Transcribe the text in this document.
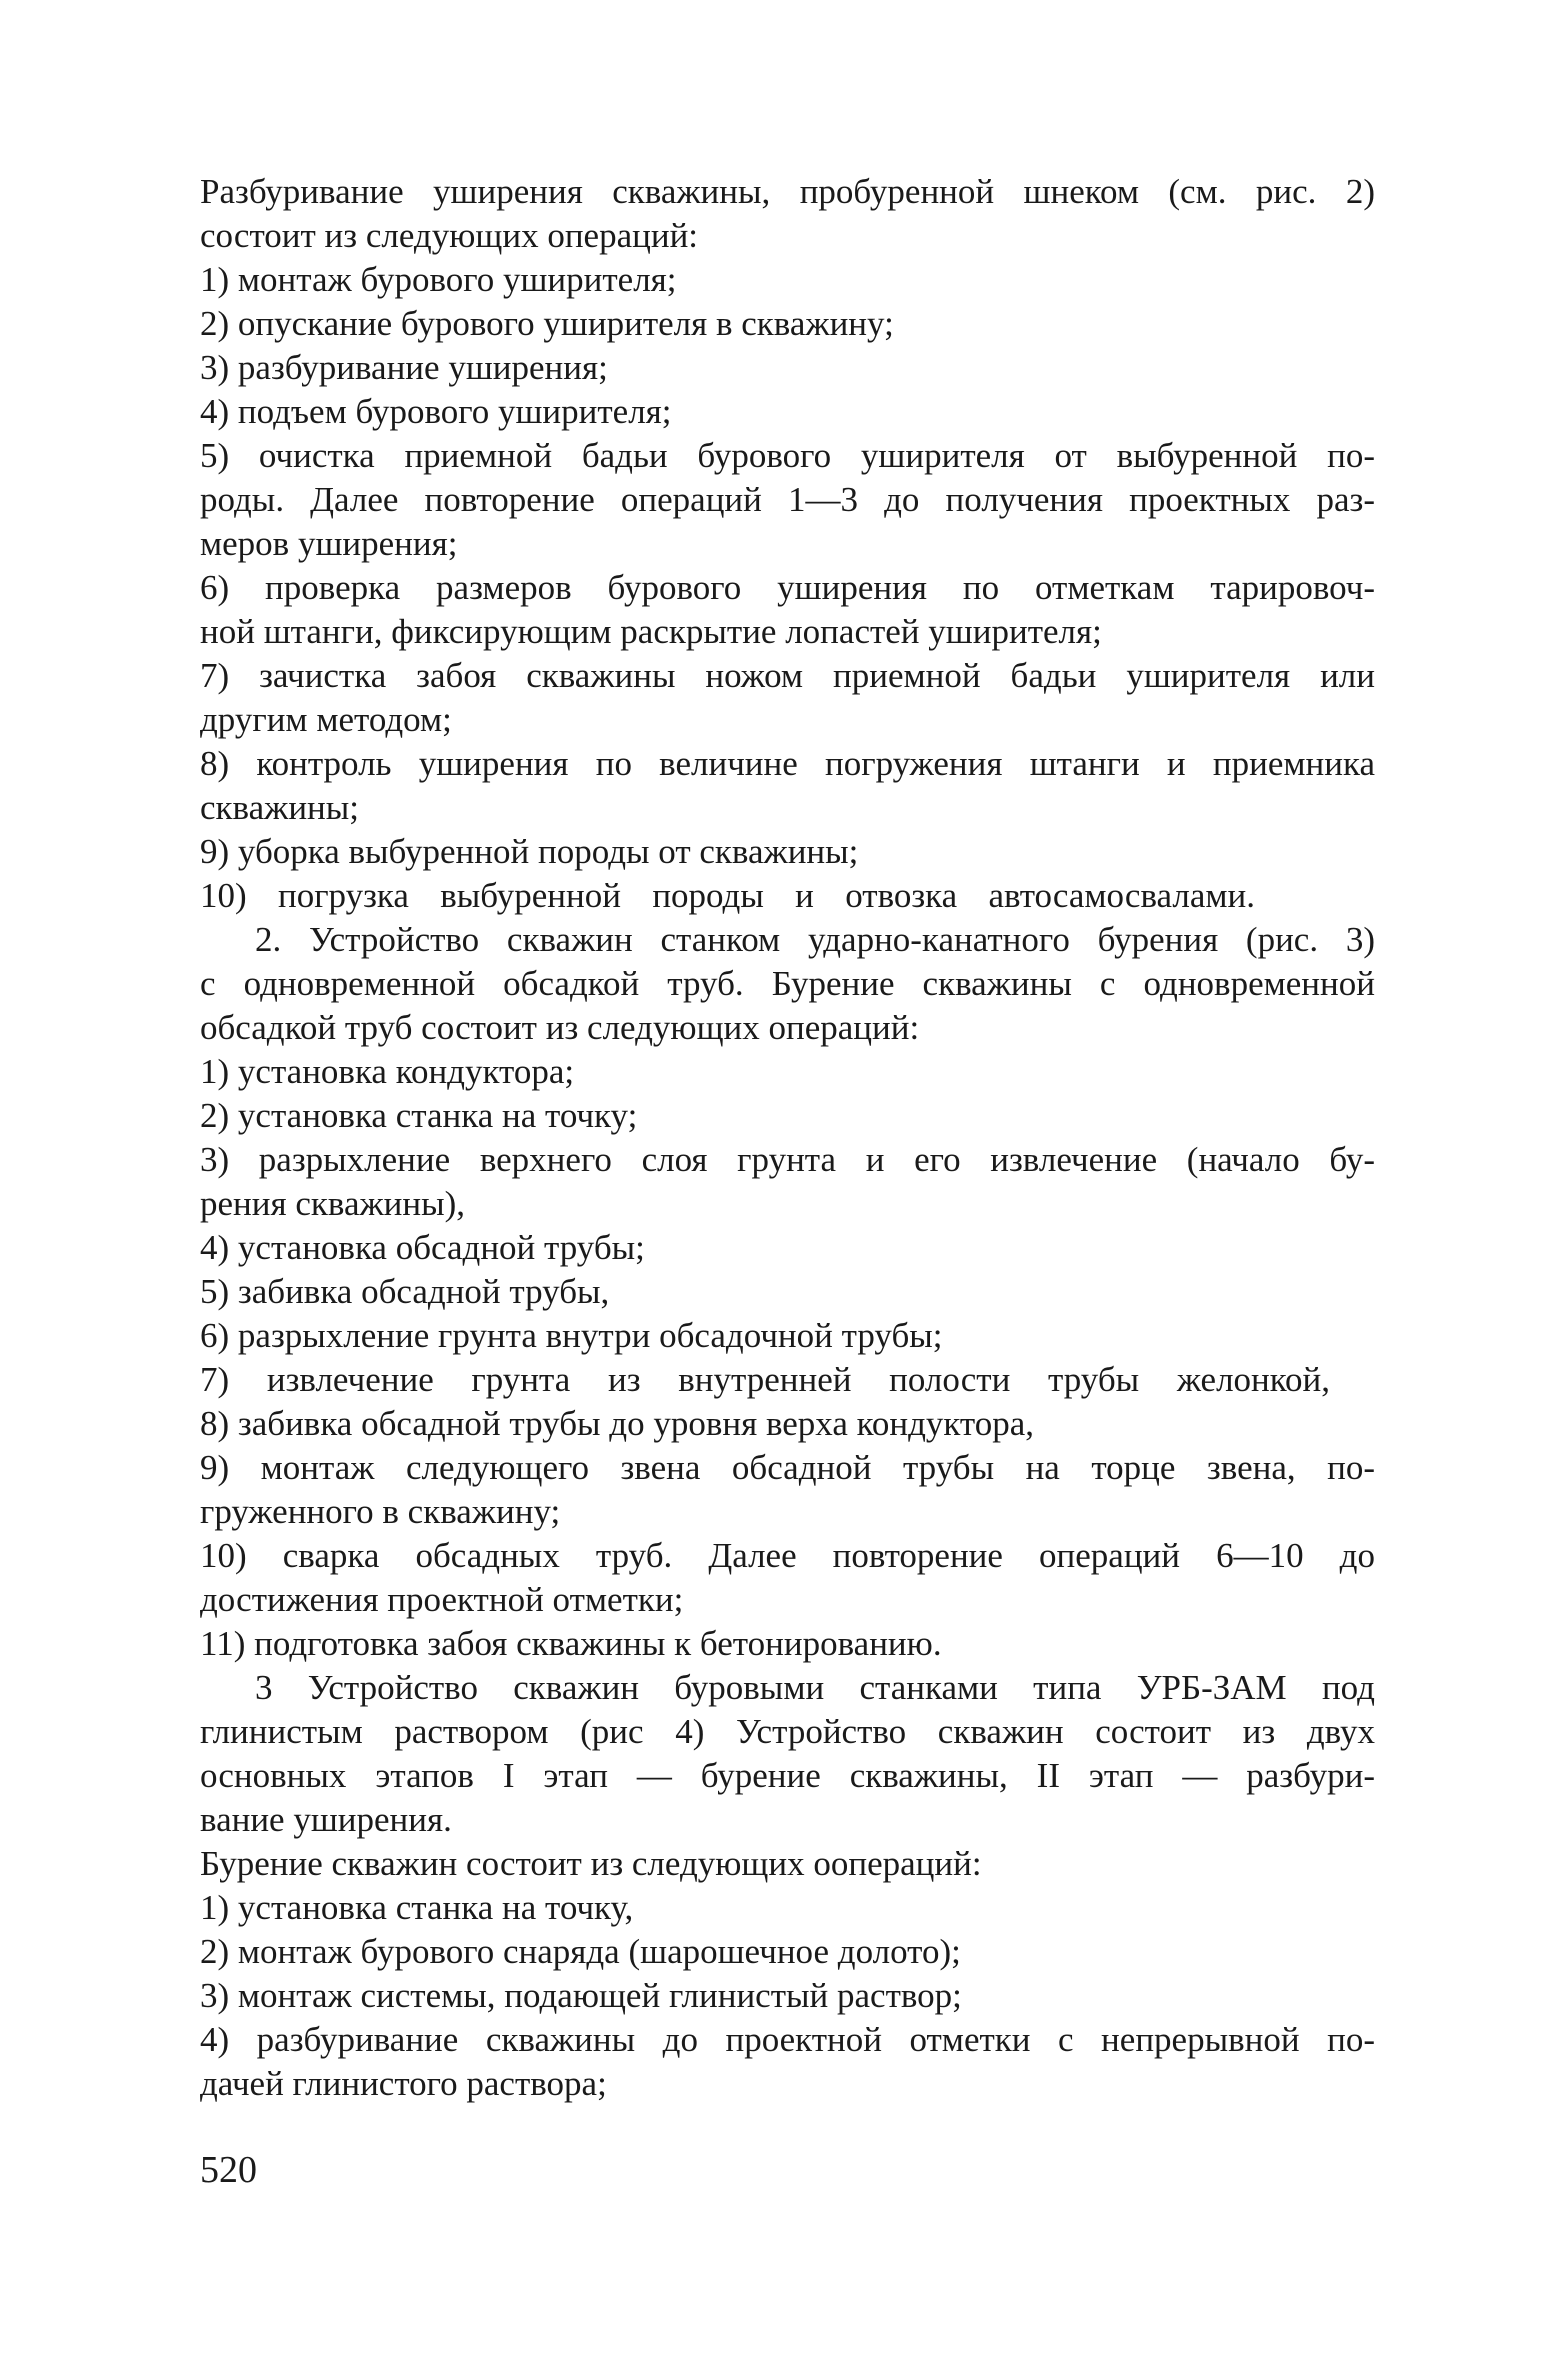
Разбуривание уширения скважины, пробуренной шнеком (см. рис. 2)
состоит из следующих операций:
1) монтаж бурового уширителя;
2) опускание бурового уширителя в скважину;
3) разбуривание уширения;
4) подъем бурового уширителя;
5) очистка приемной бадьи бурового уширителя от выбуренной по-
роды. Далее повторение операций 1—3 до получения проектных раз-
меров уширения;
6) проверка размеров бурового уширения по отметкам тарировоч-
ной штанги, фиксирующим раскрытие лопастей уширителя;
7) зачистка забоя скважины ножом приемной бадьи уширителя или
другим методом;
8) контроль уширения по величине погружения штанги и приемника
скважины;
9) уборка выбуренной породы от скважины;
10) погрузка выбуренной породы и отвозка автосамосвалами.
2. Устройство скважин станком ударно-канатного бурения (рис. 3)
с одновременной обсадкой труб. Бурение скважины с одновременной
обсадкой труб состоит из следующих операций:
1) установка кондуктора;
2) установка станка на точку;
3) разрыхление верхнего слоя грунта и его извлечение (начало бу-
рения скважины),
4) установка обсадной трубы;
5) забивка обсадной трубы,
6) разрыхление грунта внутри обсадочной трубы;
7) извлечение грунта из внутренней полости трубы желонкой,
8) забивка обсадной трубы до уровня верха кондуктора,
9) монтаж следующего звена обсадной трубы на торце звена, по-
груженного в скважину;
10) сварка обсадных труб. Далее повторение операций 6—10 до
достижения проектной отметки;
11) подготовка забоя скважины к бетонированию.
3 Устройство скважин буровыми станками типа УРБ-ЗАМ под
глинистым раствором (рис 4) Устройство скважин состоит из двух
основных этапов I этап — бурение скважины, II этап — разбури-
вание уширения.
Бурение скважин состоит из следующих оопераций:
1) установка станка на точку,
2) монтаж бурового снаряда (шарошечное долото);
3) монтаж системы, подающей глинистый раствор;
4) разбуривание скважины до проектной отметки с непрерывной по-
дачей глинистого раствора;
520
